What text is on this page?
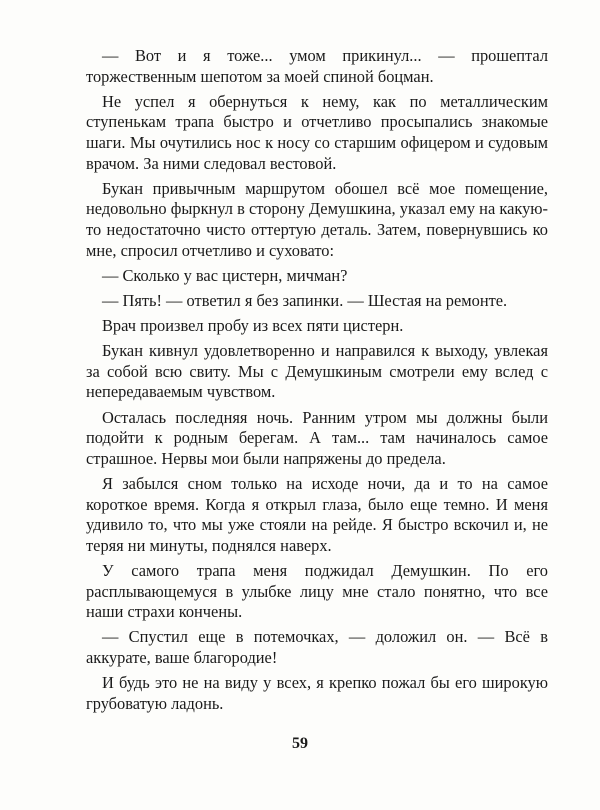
— Вот и я тоже... умом прикинул... — прошептал торжественным шепотом за моей спиной боцман.

Не успел я обернуться к нему, как по металлическим ступенькам трапа быстро и отчетливо просыпались знакомые шаги. Мы очутились нос к носу со старшим офицером и судовым врачом. За ними следовал вестовой.

Букан привычным маршрутом обошел всё мое помещение, недовольно фыркнул в сторону Демушкина, указал ему на какую-то недостаточно чисто оттертую деталь. Затем, повернувшись ко мне, спросил отчетливо и суховато:

— Сколько у вас цистерн, мичман?

— Пять! — ответил я без запинки. — Шестая на ремонте.

Врач произвел пробу из всех пяти цистерн.

Букан кивнул удовлетворенно и направился к выходу, увлекая за собой всю свиту. Мы с Демушкиным смотрели ему вслед с непередаваемым чувством.

Осталась последняя ночь. Ранним утром мы должны были подойти к родным берегам. А там... там начиналось самое страшное. Нервы мои были напряжены до предела.

Я забылся сном только на исходе ночи, да и то на самое короткое время. Когда я открыл глаза, было еще темно. И меня удивило то, что мы уже стояли на рейде. Я быстро вскочил и, не теряя ни минуты, поднялся наверх.

У самого трапа меня поджидал Демушкин. По его расплывающемуся в улыбке лицу мне стало понятно, что все наши страхи кончены.

— Спустил еще в потемочках, — доложил он. — Всё в аккурате, ваше благородие!

И будь это не на виду у всех, я крепко пожал бы его широкую грубоватую ладонь.

59
